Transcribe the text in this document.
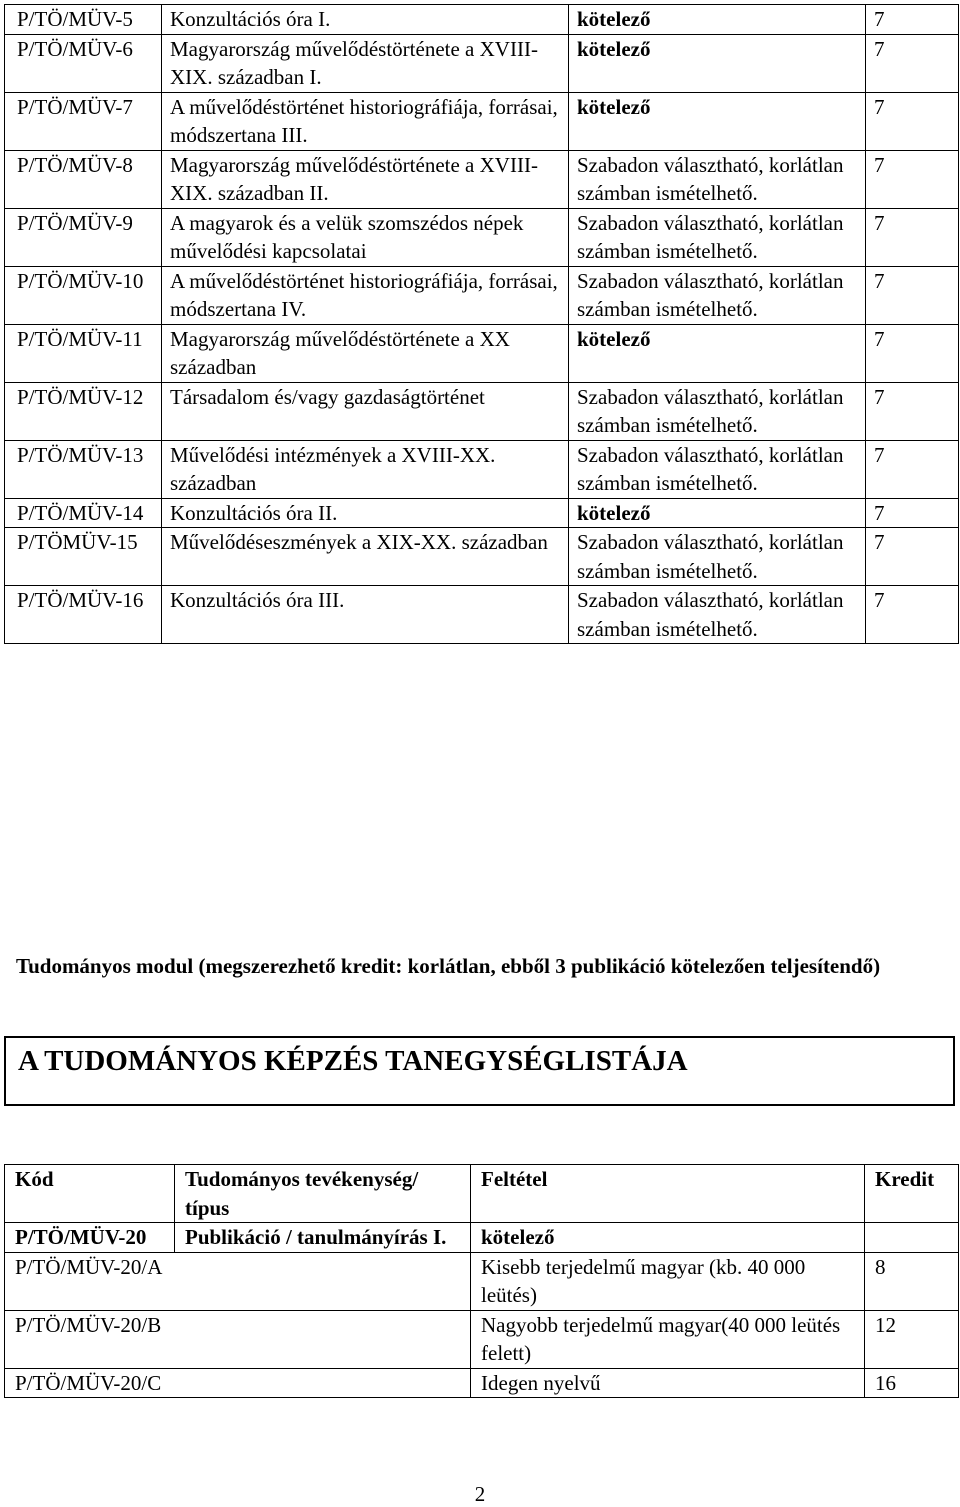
P/TÖ/MÜV-5	Konzultációs óra I.	kötelező	7
P/TÖ/MÜV-6	Magyarország művelődéstörténete a XVIII-XIX. században I.	kötelező	7
P/TÖ/MÜV-7	A művelődéstörténet historiográfiája, forrásai, módszertana III.	kötelező	7
P/TÖ/MÜV-8	Magyarország művelődéstörténete a XVIII-XIX. században II.	Szabadon választható, korlátlan számban ismételhető.	7
P/TÖ/MÜV-9	A magyarok és a velük szomszédos népek művelődési kapcsolatai	Szabadon választható, korlátlan számban ismételhető.	7
P/TÖ/MÜV-10	A művelődéstörténet historiográfiája, forrásai, módszertana IV.	Szabadon választható, korlátlan számban ismételhető.	7
P/TÖ/MÜV-11	Magyarország művelődéstörténete a XX században	kötelező	7
P/TÖ/MÜV-12	Társadalom és/vagy gazdaságtörténet	Szabadon választható, korlátlan számban ismételhető.	7
P/TÖ/MÜV-13	Művelődési intézmények a XVIII-XX. században	Szabadon választható, korlátlan számban ismételhető.	7
P/TÖ/MÜV-14	Konzultációs óra II.	kötelező	7
P/TÖMÜV-15	Művelődéseszmények a XIX-XX. században	Szabadon választható, korlátlan számban ismételhető.	7
P/TÖ/MÜV-16	Konzultációs óra III.	Szabadon választható, korlátlan számban ismételhető.	7
Tudományos modul (megszerezhető kredit: korlátlan, ebből 3 publikáció kötelezően teljesítendő)
A TUDOMÁNYOS KÉPZÉS TANEGYSÉGLISTÁJA
Kód	Tudományos tevékenység/ típus	Feltétel	Kredit
P/TÖ/MÜV-20	Publikáció / tanulmányírás I.	kötelező	
P/TÖ/MÜV-20/A		Kisebb terjedelmű magyar (kb. 40 000 leütés)	8
P/TÖ/MÜV-20/B		Nagyobb terjedelmű magyar(40 000 leütés felett)	12
P/TÖ/MÜV-20/C		Idegen nyelvű	16
2
